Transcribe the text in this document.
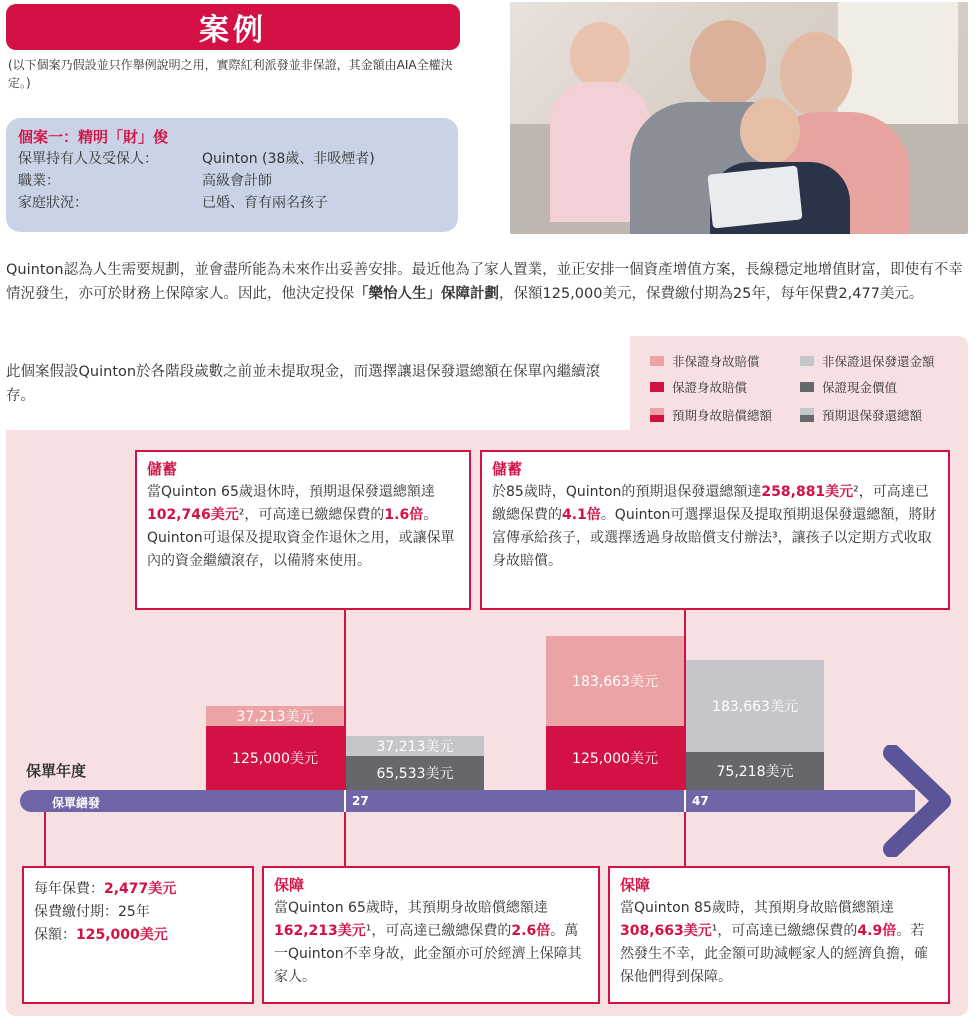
案例
(以下個案乃假設並只作舉例說明之用，實際紅利派發並非保證，其金額由AIA全權決定。)
個案一：精明「財」俊
保單持有人及受保人：	Quinton (38歲、非吸煙者)
職業：	高級會計師
家庭狀況：	已婚、育有兩名孩子
Quinton認為人生需要規劃，並會盡所能為未來作出妥善安排。最近他為了家人置業，並正安排一個資產增值方案，長線穩定地增值財富，即使有不幸情況發生，亦可於財務上保障家人。因此，他決定投保「樂怡人生」保障計劃，保額125,000美元，保費繳付期為25年，每年保費2,477美元。
此個案假設Quinton於各階段歲數之前並未提取現金，而選擇讓退保發還總額在保單內繼續滾存。
非保證身故賠償	非保證退保發還金額
保證身故賠償	保證現金價值
預期身故賠償總額	預期退保發還總額
儲蓄
當Quinton 65歲退休時，預期退保發還總額達102,746美元²，可高達已繳總保費的1.6倍。Quinton可退保及提取資金作退休之用，或讓保單內的資金繼續滾存，以備將來使用。
儲蓄
於85歲時，Quinton的預期退保發還總額達258,881美元²，可高達已繳總保費的4.1倍。Quinton可選擇退保及提取預期退保發還總額，將財富傳承給孩子，或選擇透過身故賠償支付辦法³，讓孩子以定期方式收取身故賠償。
37,213美元
125,000美元
37,213美元
65,533美元
183,663美元
125,000美元
183,663美元
75,218美元
保單年度
保單繕發	27	47
每年保費：2,477美元
保費繳付期：25年
保額：125,000美元
保障
當Quinton 65歲時，其預期身故賠償總額達162,213美元¹，可高達已繳總保費的2.6倍。萬一Quinton不幸身故，此金額亦可於經濟上保障其家人。
保障
當Quinton 85歲時，其預期身故賠償總額達308,663美元¹，可高達已繳總保費的4.9倍。若然發生不幸，此金額可助減輕家人的經濟負擔，確保他們得到保障。
